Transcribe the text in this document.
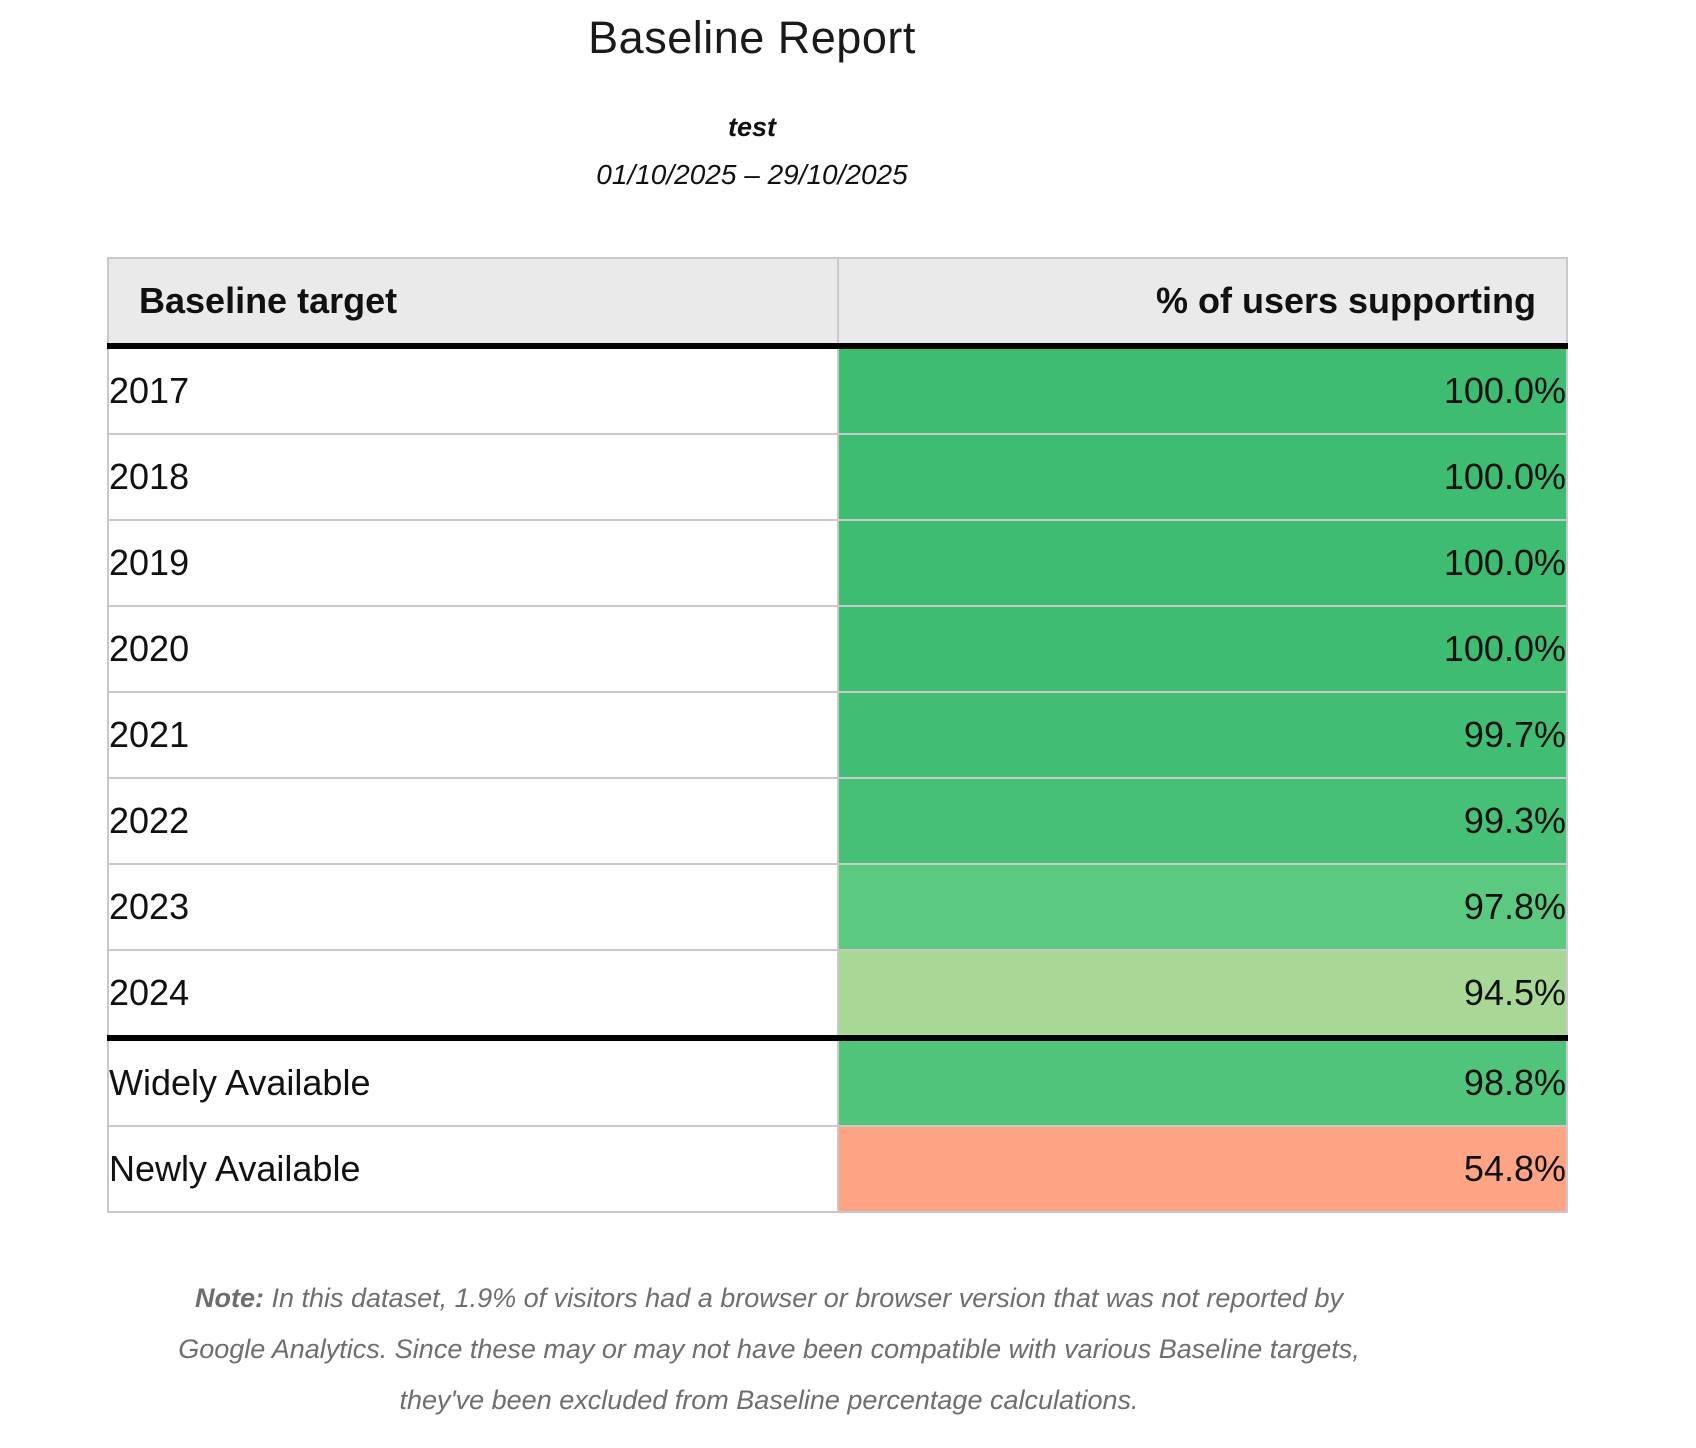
Baseline Report

test

01/10/2025 – 29/10/2025

Baseline target	% of users supporting
2017	100.0%
2018	100.0%
2019	100.0%
2020	100.0%
2021	99.7%
2022	99.3%
2023	97.8%
2024	94.5%
Widely Available	98.8%
Newly Available	54.8%

Note: In this dataset, 1.9% of visitors had a browser or browser version that was not reported by Google Analytics. Since these may or may not have been compatible with various Baseline targets, they've been excluded from Baseline percentage calculations.
